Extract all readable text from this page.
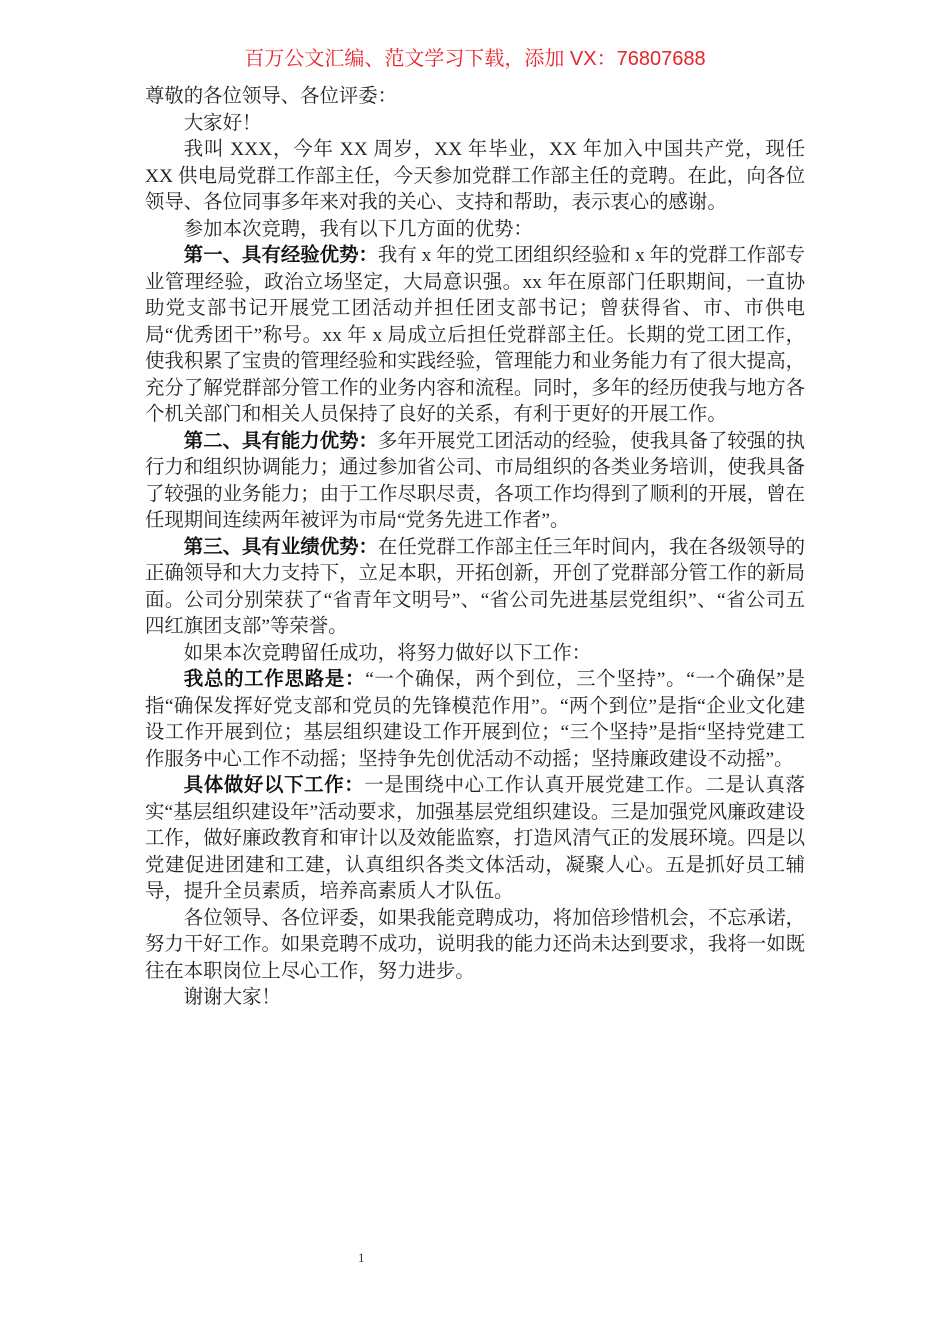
百万公文汇编、范文学习下载，添加 VX：76807688

尊敬的各位领导、各位评委：

大家好！

我叫 XXX，今年 XX 周岁，XX 年毕业，XX 年加入中国共产党，现任 XX 供电局党群工作部主任，今天参加党群工作部主任的竞聘。在此，向各位领导、各位同事多年来对我的关心、支持和帮助，表示衷心的感谢。

参加本次竞聘，我有以下几方面的优势：

第一、具有经验优势：我有 x 年的党工团组织经验和 x 年的党群工作部专业管理经验，政治立场坚定，大局意识强。xx 年在原部门任职期间，一直协助党支部书记开展党工团活动并担任团支部书记；曾获得省、市、市供电局“优秀团干”称号。xx 年 x 局成立后担任党群部主任。长期的党工团工作，使我积累了宝贵的管理经验和实践经验，管理能力和业务能力有了很大提高，充分了解党群部分管工作的业务内容和流程。同时，多年的经历使我与地方各个机关部门和相关人员保持了良好的关系，有利于更好的开展工作。

第二、具有能力优势：多年开展党工团活动的经验，使我具备了较强的执行力和组织协调能力；通过参加省公司、市局组织的各类业务培训，使我具备了较强的业务能力；由于工作尽职尽责，各项工作均得到了顺利的开展，曾在任现期间连续两年被评为市局“党务先进工作者”。

第三、具有业绩优势：在任党群工作部主任三年时间内，我在各级领导的正确领导和大力支持下，立足本职，开拓创新，开创了党群部分管工作的新局面。公司分别荣获了“省青年文明号”、“省公司先进基层党组织”、“省公司五四红旗团支部”等荣誉。

如果本次竞聘留任成功，将努力做好以下工作：

我总的工作思路是：“一个确保，两个到位，三个坚持”。“一个确保”是指“确保发挥好党支部和党员的先锋模范作用”。“两个到位”是指“企业文化建设工作开展到位；基层组织建设工作开展到位；“三个坚持”是指“坚持党建工作服务中心工作不动摇；坚持争先创优活动不动摇；坚持廉政建设不动摇”。

具体做好以下工作：一是围绕中心工作认真开展党建工作。二是认真落实“基层组织建设年”活动要求，加强基层党组织建设。三是加强党风廉政建设工作，做好廉政教育和审计以及效能监察，打造风清气正的发展环境。四是以党建促进团建和工建，认真组织各类文体活动，凝聚人心。五是抓好员工辅导，提升全员素质，培养高素质人才队伍。

各位领导、各位评委，如果我能竞聘成功，将加倍珍惜机会，不忘承诺，努力干好工作。如果竞聘不成功，说明我的能力还尚未达到要求，我将一如既往在本职岗位上尽心工作，努力进步。

谢谢大家！

1
